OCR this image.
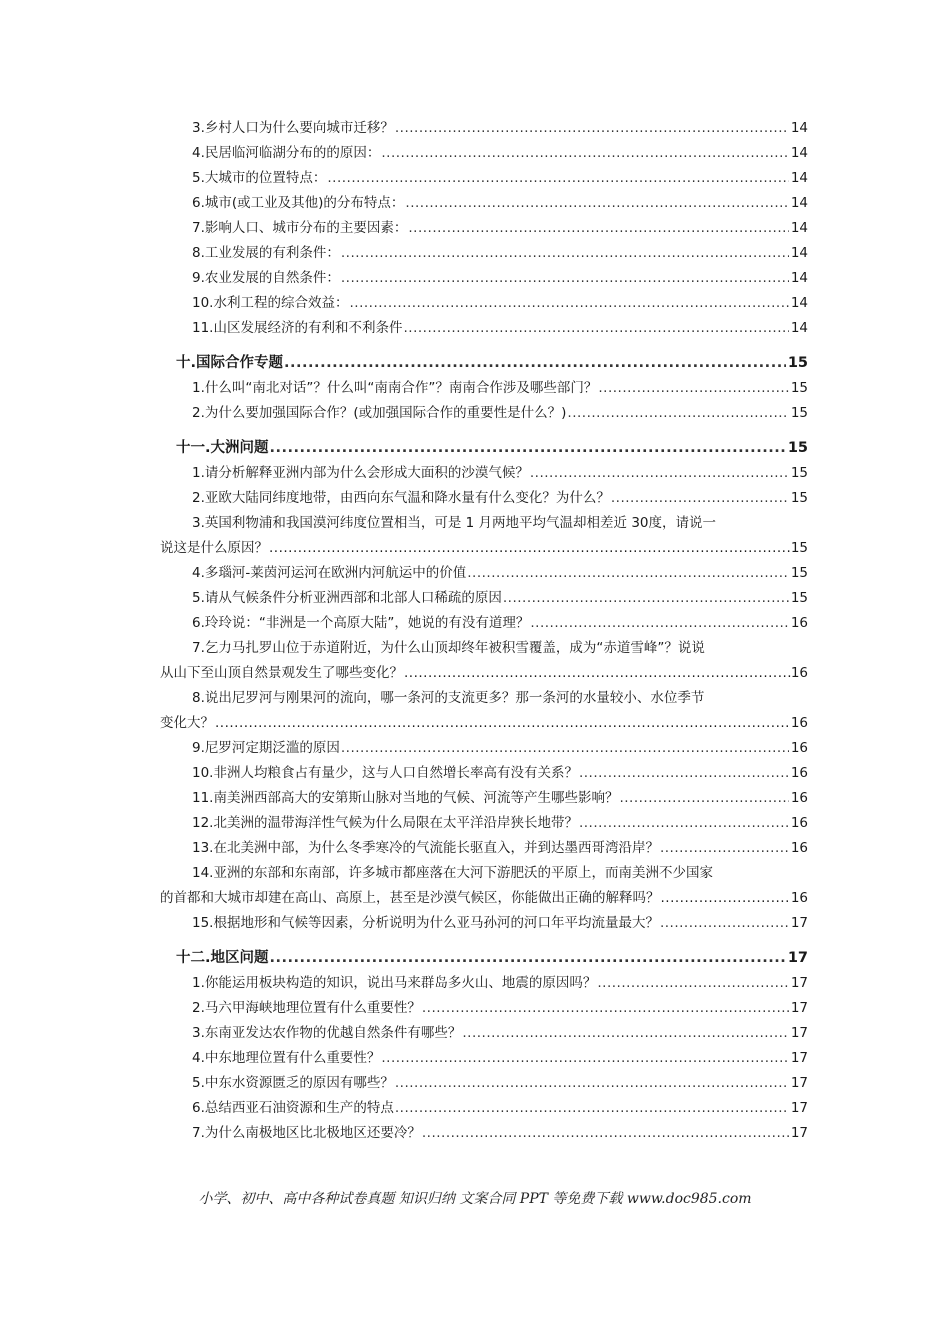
3.乡村人口为什么要向城市迁移？ .....	14
4.民居临河临湖分布的的原因： .....	14
5.大城市的位置特点： .....	14
6.城市(或工业及其他)的分布特点： .....	14
7.影响人口、城市分布的主要因素： .....	14
8.工业发展的有利条件： .....	14
9.农业发展的自然条件： .....	14
10.水利工程的综合效益： .....	14
11.山区发展经济的有利和不利条件 .....	14
十.国际合作专题 .....	15
1.什么叫“南北对话”？什么叫“南南合作”？南南合作涉及哪些部门？ .....	15
2.为什么要加强国际合作？(或加强国际合作的重要性是什么？) .....	15
十一.大洲问题 .....	15
1.请分析解释亚洲内部为什么会形成大面积的沙漠气候？ .....	15
2.亚欧大陆同纬度地带，由西向东气温和降水量有什么变化？为什么？ .....	15
3.英国利物浦和我国漠河纬度位置相当，可是 1 月两地平均气温却相差近 30度，请说一
说这是什么原因？ .....	15
4.多瑙河-莱茵河运河在欧洲内河航运中的价值 .....	15
5.请从气候条件分析亚洲西部和北部人口稀疏的原因 .....	15
6.玲玲说：“非洲是一个高原大陆”，她说的有没有道理？ .....	16
7.乞力马扎罗山位于赤道附近，为什么山顶却终年被积雪覆盖，成为“赤道雪峰”？说说
从山下至山顶自然景观发生了哪些变化？ .....	16
8.说出尼罗河与刚果河的流向，哪一条河的支流更多？那一条河的水量较小、水位季节
变化大？ .....	16
9.尼罗河定期泛滥的原因 .....	16
10.非洲人均粮食占有量少，这与人口自然增长率高有没有关系？ .....	16
11.南美洲西部高大的安第斯山脉对当地的气候、河流等产生哪些影响？ .....	16
12.北美洲的温带海洋性气候为什么局限在太平洋沿岸狭长地带？ .....	16
13.在北美洲中部，为什么冬季寒冷的气流能长驱直入，并到达墨西哥湾沿岸？ .....	16
14.亚洲的东部和东南部，许多城市都座落在大河下游肥沃的平原上，而南美洲不少国家
的首都和大城市却建在高山、高原上，甚至是沙漠气候区，你能做出正确的解释吗？ .....	16
15.根据地形和气候等因素，分析说明为什么亚马孙河的河口年平均流量最大？ .....	17
十二.地区问题 .....	17
1.你能运用板块构造的知识，说出马来群岛多火山、地震的原因吗？ .....	17
2.马六甲海峡地理位置有什么重要性？ .....	17
3.东南亚发达农作物的优越自然条件有哪些？ .....	17
4.中东地理位置有什么重要性？ .....	17
5.中东水资源匮乏的原因有哪些？ .....	17
6.总结西亚石油资源和生产的特点 .....	17
7.为什么南极地区比北极地区还要冷？ .....	17
小学、初中、高中各种试卷真题 知识归纳 文案合同 PPT 等免费下载 www.doc985.com
